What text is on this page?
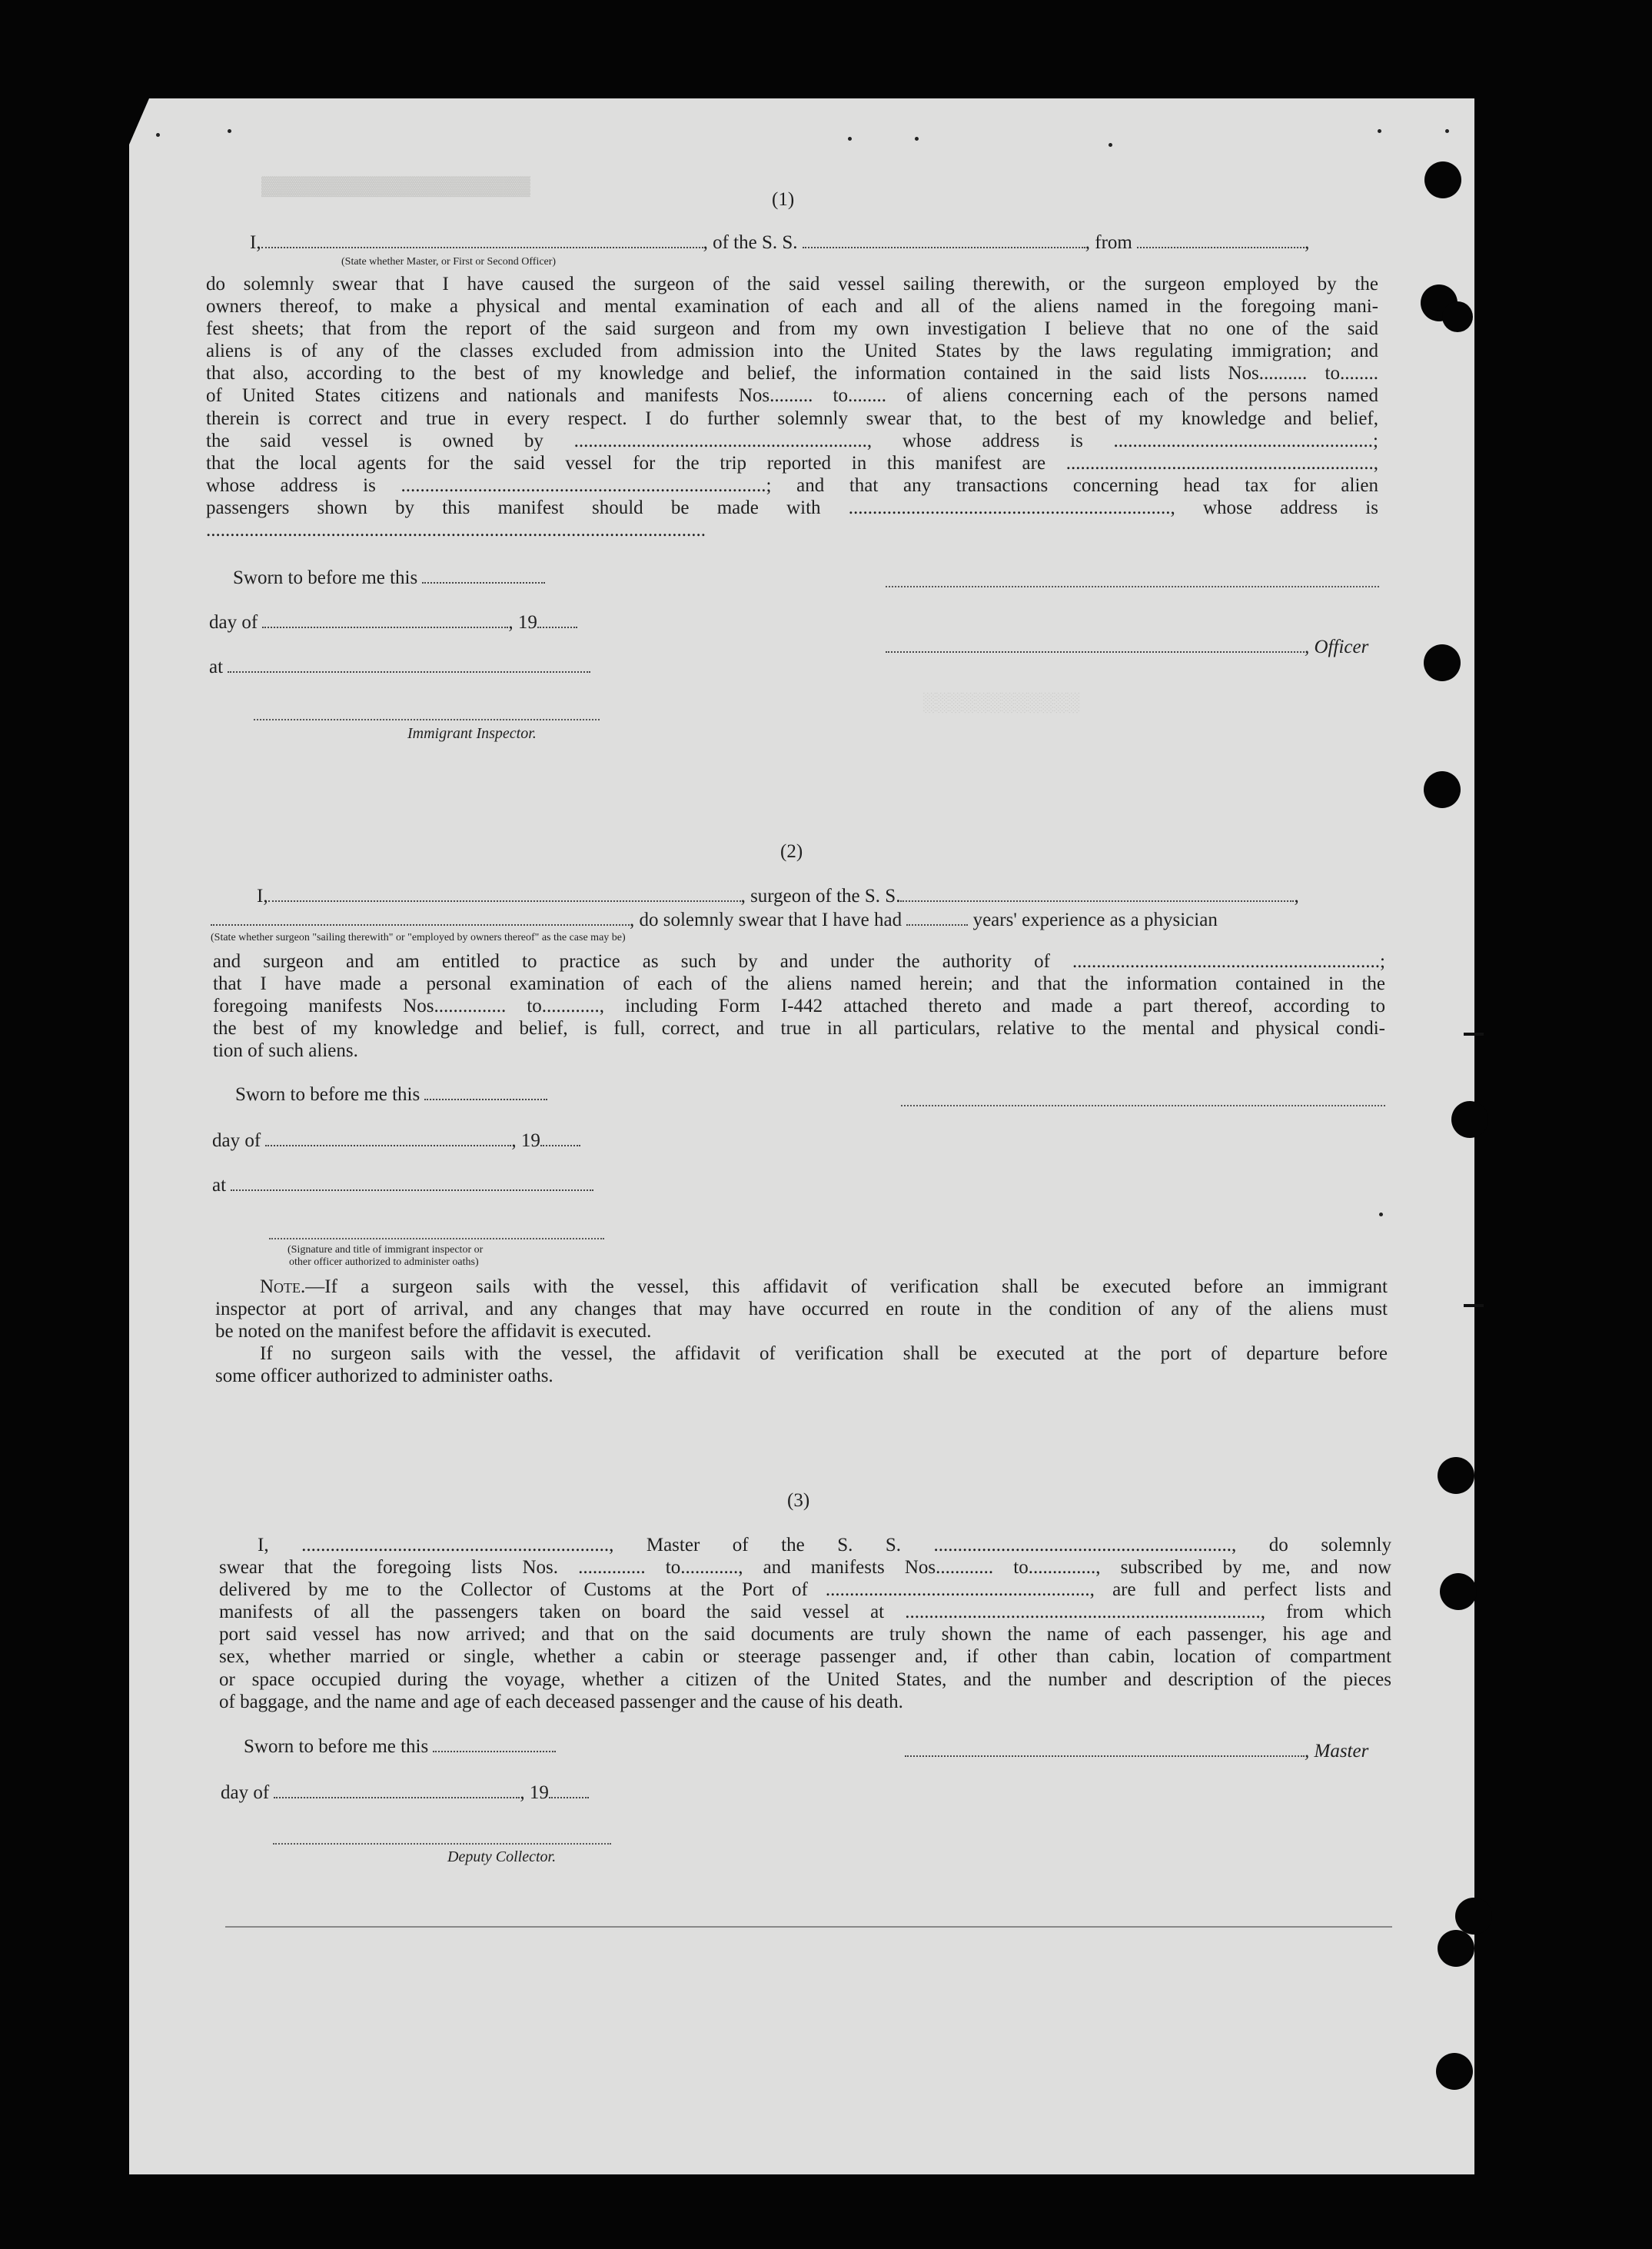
▓▓▓▓▓▓▓▓▓▓▓▓▓▓▓▓▓▓▓▓
░░░░░░░░░░░░
(1)
I,	, of the S. S.	, from	,
(State whether Master, or First or Second Officer)
do solemnly swear that I have caused the surgeon of the said vessel sailing therewith, or the surgeon employed by the
owners thereof, to make a physical and mental examination of each and all of the aliens named in the foregoing mani-
fest sheets; that from the report of the said surgeon and from my own investigation I believe that no one of the said
aliens is of any of the classes excluded from admission into the United States by the laws regulating immigration; and
that also, according to the best of my knowledge and belief, the information contained in the said lists Nos.......... to........
of United States citizens and nationals and manifests Nos......... to........ of aliens concerning each of the persons named
therein is correct and true in every respect. I do further solemnly swear that, to the best of my knowledge and belief,
the said vessel is owned by ............................................................., whose address is ......................................................;
that the local agents for the said vessel for the trip reported in this manifest are ................................................................,
whose address is ............................................................................; and that any transactions concerning head tax for alien
passengers shown by this manifest should be made with ..................................................................., whose address is
........................................................................................................
Sworn to before me this
day of	, 19
at
Immigrant Inspector.
, Officer
(2)
I,	, surgeon of the S. S.	,
, do solemnly swear that I have had	years' experience as a physician
(State whether surgeon "sailing therewith" or "employed by owners thereof" as the case may be)
and surgeon and am entitled to practice as such by and under the authority of ................................................................;
that I have made a personal examination of each of the aliens named herein; and that the information contained in the
foregoing manifests Nos............... to............, including Form I-442 attached thereto and made a part thereof, according to
the best of my knowledge and belief, is full, correct, and true in all particulars, relative to the mental and physical condi-
tion of such aliens.
Sworn to before me this
day of	, 19
at
(Signature and title of immigrant inspector or
other officer authorized to administer oaths)
Note.—If a surgeon sails with the vessel, this affidavit of verification shall be executed before an immigrant
inspector at port of arrival, and any changes that may have occurred en route in the condition of any of the aliens must
be noted on the manifest before the affidavit is executed.
If no surgeon sails with the vessel, the affidavit of verification shall be executed at the port of departure before
some officer authorized to administer oaths.
(3)
I, ................................................................, Master of the S. S. .............................................................., do solemnly
swear that the foregoing lists Nos. .............. to............, and manifests Nos............ to.............., subscribed by me, and now
delivered by me to the Collector of Customs at the Port of ......................................................., are full and perfect lists and
manifests of all the passengers taken on board the said vessel at .........................................................................., from which
port said vessel has now arrived; and that on the said documents are truly shown the name of each passenger, his age and
sex, whether married or single, whether a cabin or steerage passenger and, if other than cabin, location of compartment
or space occupied during the voyage, whether a citizen of the United States, and the number and description of the pieces
of baggage, and the name and age of each deceased passenger and the cause of his death.
Sworn to before me this
day of	, 19
Deputy Collector.
, Master
